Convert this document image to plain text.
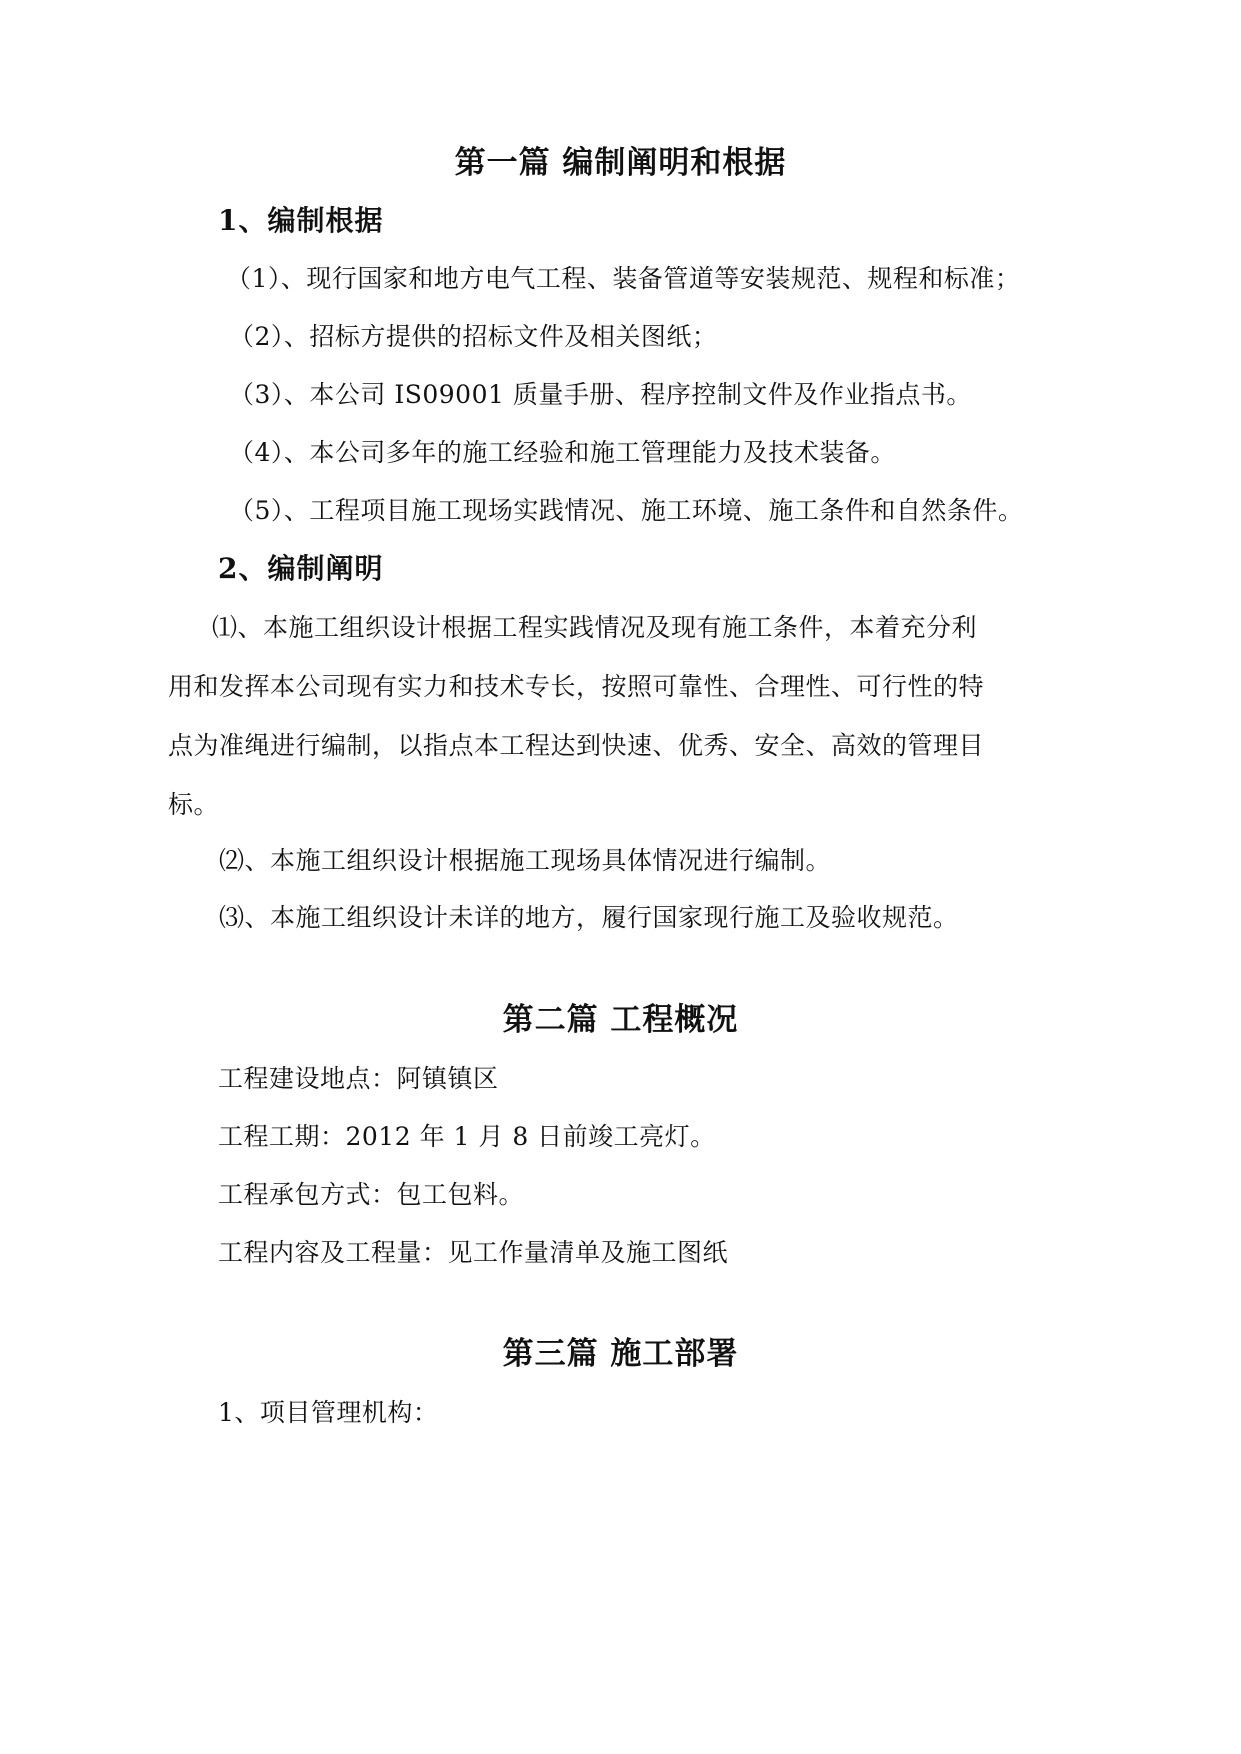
第一篇 编制阐明和根据
1、编制根据
（1）、现行国家和地方电气工程、装备管道等安装规范、规程和标准；
（2）、招标方提供的招标文件及相关图纸；
（3）、本公司 IS09001 质量手册、程序控制文件及作业指点书。
（4）、本公司多年的施工经验和施工管理能力及技术装备。
（5）、工程项目施工现场实践情况、施工环境、施工条件和自然条件。
2、编制阐明
⑴、本施工组织设计根据工程实践情况及现有施工条件，本着充分利
用和发挥本公司现有实力和技术专长，按照可靠性、合理性、可行性的特
点为准绳进行编制，以指点本工程达到快速、优秀、安全、高效的管理目
标。
⑵、本施工组织设计根据施工现场具体情况进行编制。
⑶、本施工组织设计未详的地方，履行国家现行施工及验收规范。
第二篇 工程概况
工程建设地点：阿镇镇区
工程工期：2012 年 1 月 8 日前竣工亮灯。
工程承包方式：包工包料。
工程内容及工程量：见工作量清单及施工图纸
第三篇 施工部署
1、项目管理机构：
